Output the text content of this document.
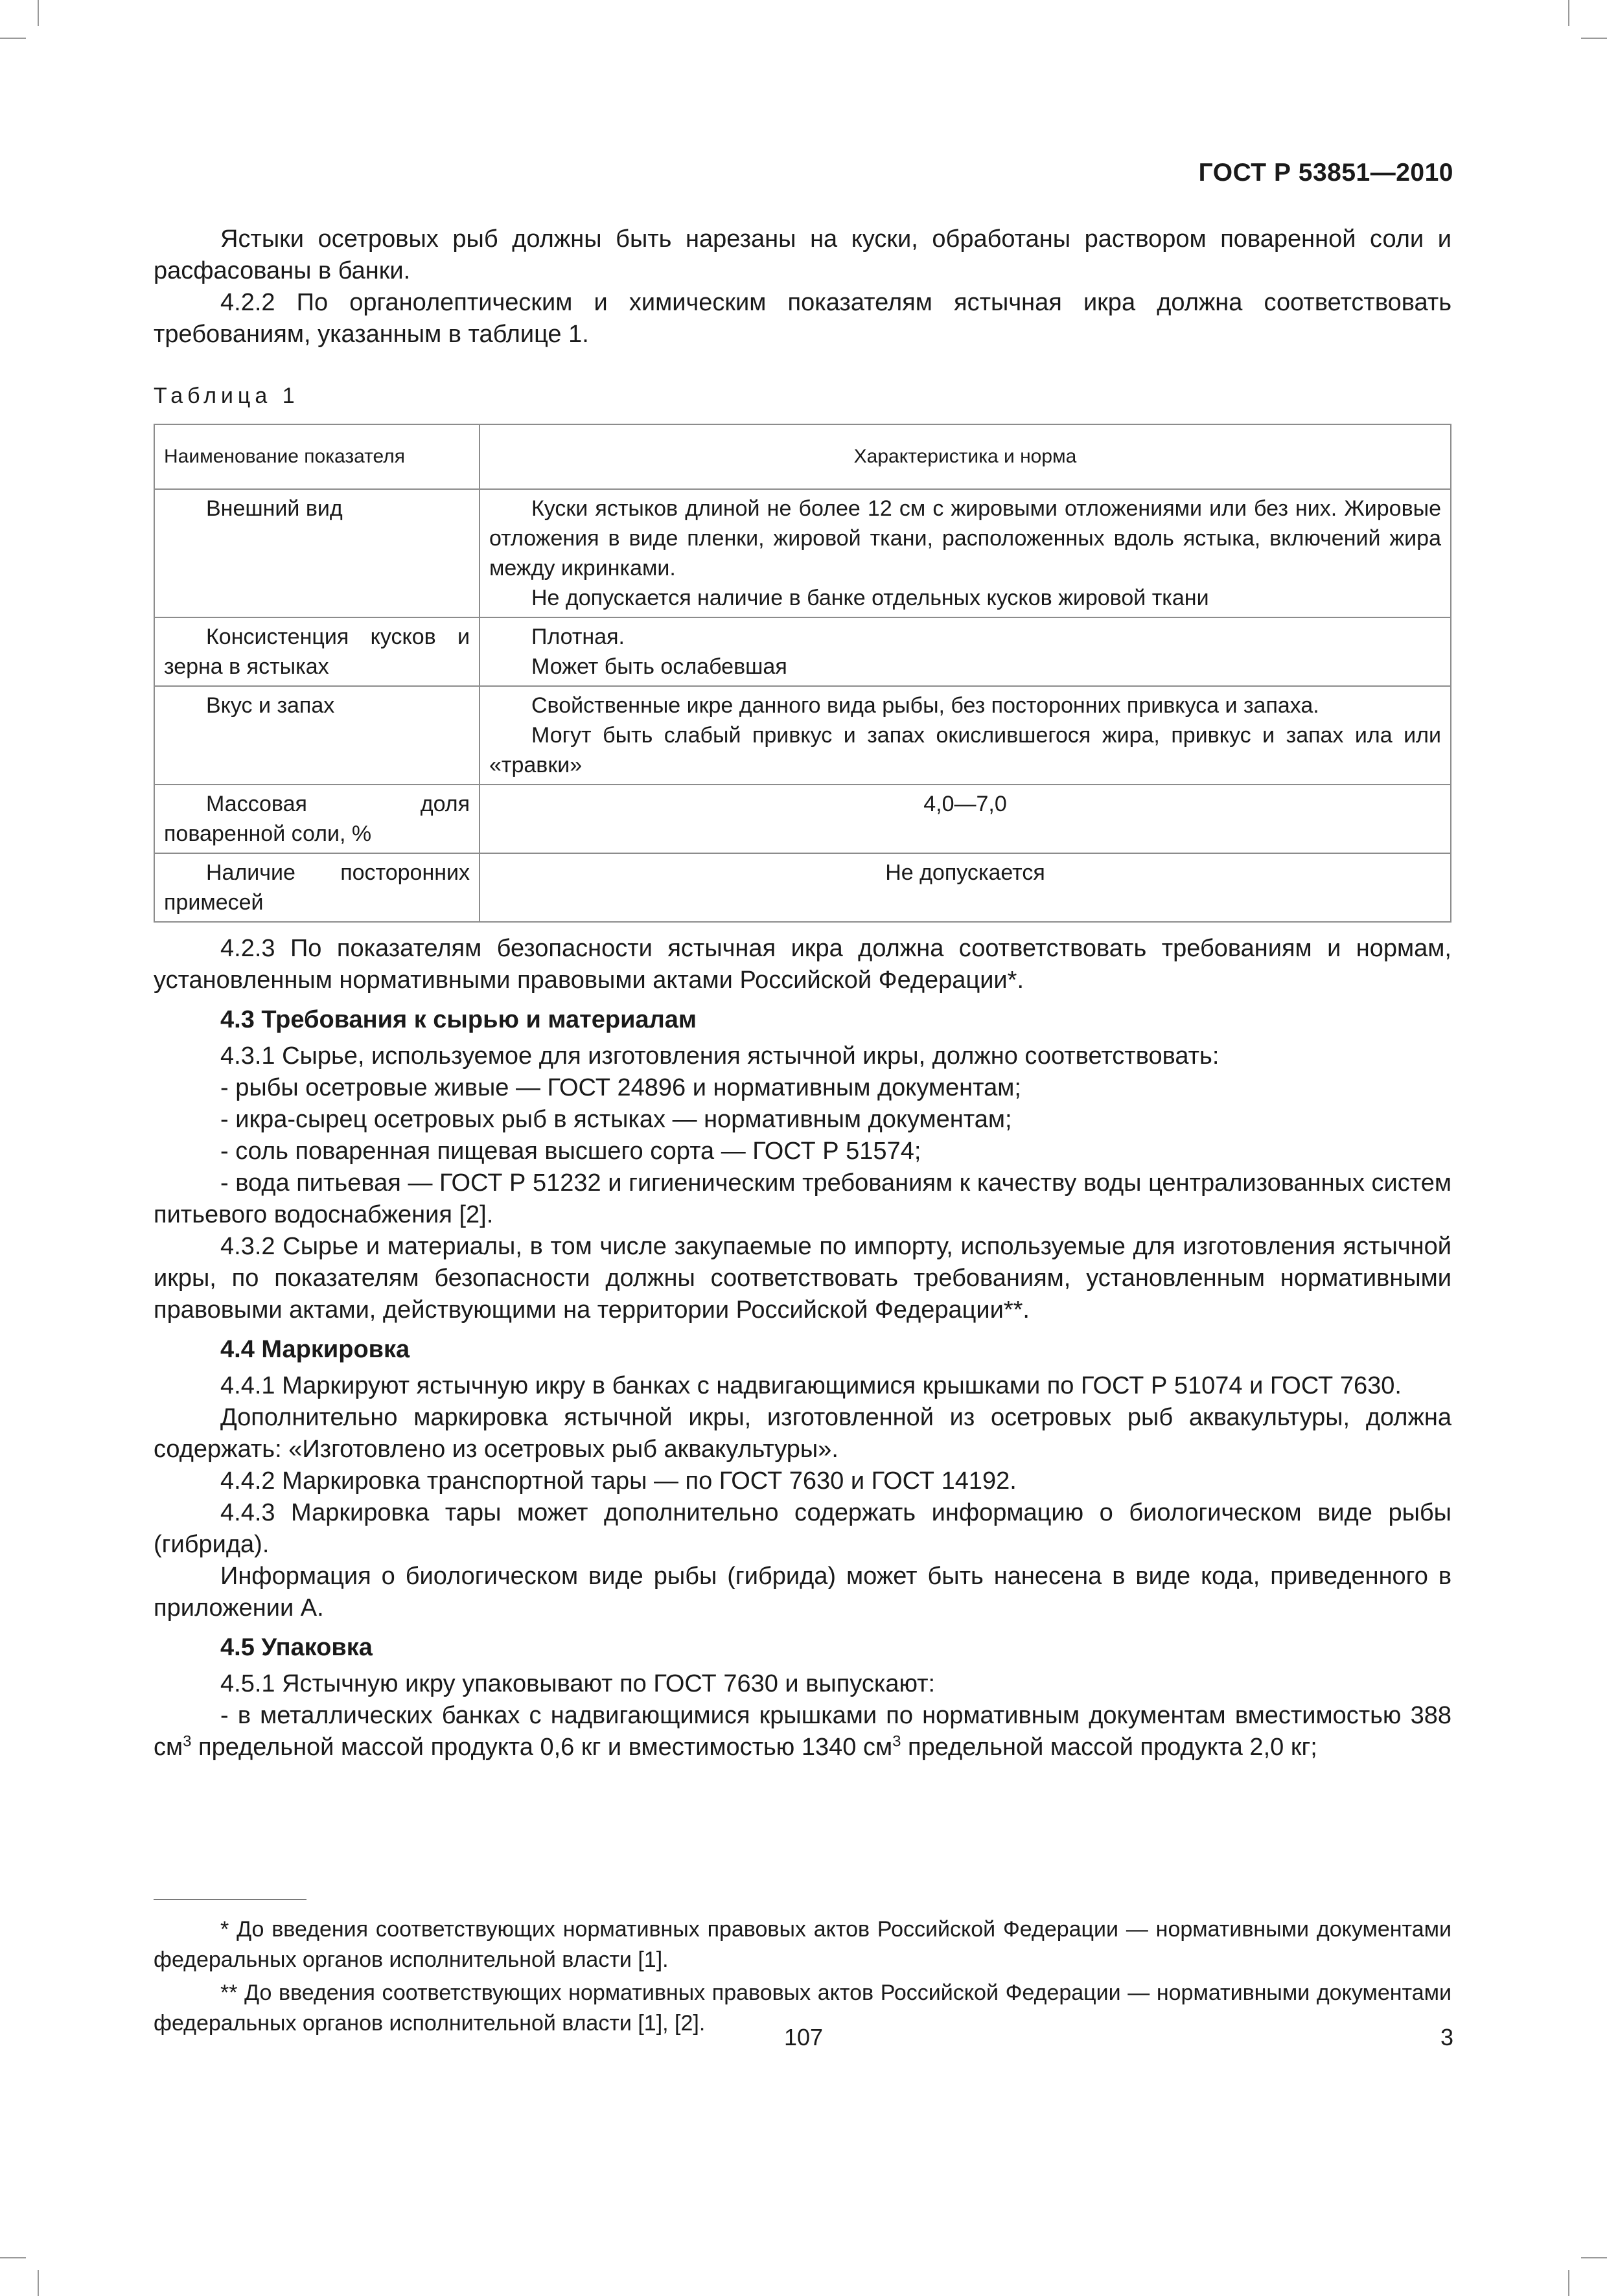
ГОСТ Р 53851—2010

Ястыки осетровых рыб должны быть нарезаны на куски, обработаны раствором поваренной соли и расфасованы в банки.

4.2.2 По органолептическим и химическим показателям ястычная икра должна соответствовать требованиям, указанным в таблице 1.

Таблица 1
Наименование показателя	Характеристика и норма

Внешний вид	Куски ястыков длиной не более 12 см с жировыми отложениями или без них. Жировые отложения в виде пленки, жировой ткани, расположенных вдоль ястыка, включений жира между икринками.

Не допускается наличие в банке отдельных кусков жировой ткани

Консистенция кусков и зерна в ястыках	Плотная.

Может быть ослабевшая

Вкус и запах	Свойственные икре данного вида рыбы, без посторонних привкуса и запаха.

Могут быть слабый привкус и запах окислившегося жира, привкус и запах ила или «травки»

Массовая доля поваренной соли, %	4,0—7,0

Наличие посторонних примесей	Не допускается

4.2.3 По показателям безопасности ястычная икра должна соответствовать требованиям и нормам, установленным нормативными правовыми актами Российской Федерации*.

4.3 Требования к сырью и материалам

4.3.1 Сырье, используемое для изготовления ястычной икры, должно соответствовать:

- рыбы осетровые живые — ГОСТ 24896 и нормативным документам;

- икра-сырец осетровых рыб в ястыках — нормативным документам;

- соль поваренная пищевая высшего сорта — ГОСТ Р 51574;

- вода питьевая — ГОСТ Р 51232 и гигиеническим требованиям к качеству воды централизованных систем питьевого водоснабжения [2].

4.3.2 Сырье и материалы, в том числе закупаемые по импорту, используемые для изготовления ястычной икры, по показателям безопасности должны соответствовать требованиям, установленным нормативными правовыми актами, действующими на территории Российской Федерации**.

4.4 Маркировка

4.4.1 Маркируют ястычную икру в банках с надвигающимися крышками по ГОСТ Р 51074 и ГОСТ 7630.

Дополнительно маркировка ястычной икры, изготовленной из осетровых рыб аквакультуры, должна содержать: «Изготовлено из осетровых рыб аквакультуры».

4.4.2 Маркировка транспортной тары — по ГОСТ 7630 и ГОСТ 14192.

4.4.3 Маркировка тары может дополнительно содержать информацию о биологическом виде рыбы (гибрида).

Информация о биологическом виде рыбы (гибрида) может быть нанесена в виде кода, приведенного в приложении А.

4.5 Упаковка

4.5.1 Ястычную икру упаковывают по ГОСТ 7630 и выпускают:

- в металлических банках с надвигающимися крышками по нормативным документам вместимостью 388 $см^3$ предельной массой продукта 0,6 кг и вместимостью 1340 $см^3$ предельной массой продукта 2,0 кг;

* До введения соответствующих нормативных правовых актов Российской Федерации — нормативными документами федеральных органов исполнительной власти [1].

** До введения соответствующих нормативных правовых актов Российской Федерации — нормативными документами федеральных органов исполнительной власти [1], [2].

107	3
